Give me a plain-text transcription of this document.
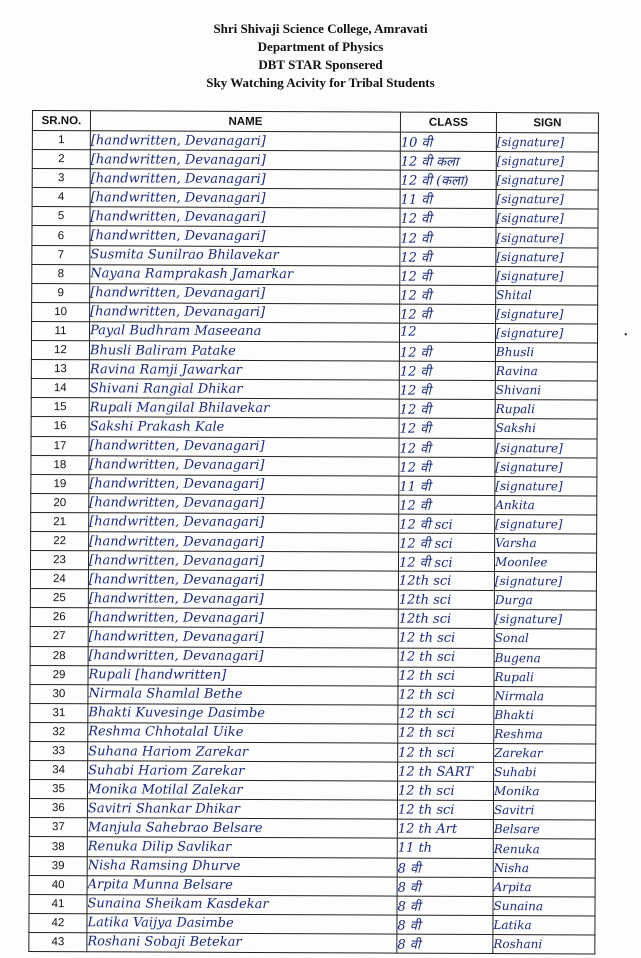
Shri Shivaji Science College, Amravati
Department of Physics
DBT STAR Sponsered
Sky Watching Acivity for Tribal Students
SR.NO.	NAME	CLASS	SIGN
1	[handwritten, Devanagari]	10 वी	[signature]
2	[handwritten, Devanagari]	12 वी कला	[signature]
3	[handwritten, Devanagari]	12 वी (कला)	[signature]
4	[handwritten, Devanagari]	11 वी	[signature]
5	[handwritten, Devanagari]	12 वी	[signature]
6	[handwritten, Devanagari]	12 वी	[signature]
7	Susmita Sunilrao Bhilavekar	12 वी	[signature]
8	Nayana Ramprakash Jamarkar	12 वी	[signature]
9	[handwritten, Devanagari]	12 वी	Shital
10	[handwritten, Devanagari]	12 वी	[signature]
11	Payal Budhram Maseeana	12	[signature]
12	Bhusli Baliram Patake	12 वी	Bhusli
13	Ravina Ramji Jawarkar	12 वी	Ravina
14	Shivani Rangial Dhikar	12 वी	Shivani
15	Rupali Mangilal Bhilavekar	12 वी	Rupali
16	Sakshi Prakash Kale	12 वी	Sakshi
17	[handwritten, Devanagari]	12 वी	[signature]
18	[handwritten, Devanagari]	12 वी	[signature]
19	[handwritten, Devanagari]	11 वी	[signature]
20	[handwritten, Devanagari]	12 वी	Ankita
21	[handwritten, Devanagari]	12 वी sci	[signature]
22	[handwritten, Devanagari]	12 वी sci	Varsha
23	[handwritten, Devanagari]	12 वी sci	Moonlee
24	[handwritten, Devanagari]	12th sci	[signature]
25	[handwritten, Devanagari]	12th sci	Durga
26	[handwritten, Devanagari]	12th sci	[signature]
27	[handwritten, Devanagari]	12 th sci	Sonal
28	[handwritten, Devanagari]	12 th sci	Bugena
29	Rupali [handwritten]	12 th sci	Rupali
30	Nirmala Shamlal Bethe	12 th sci	Nirmala
31	Bhakti Kuvesinge Dasimbe	12 th sci	Bhakti
32	Reshma Chhotalal Uike	12 th sci	Reshma
33	Suhana Hariom Zarekar	12 th sci	Zarekar
34	Suhabi Hariom Zarekar	12 th SART	Suhabi
35	Monika Motilal Zalekar	12 th sci	Monika
36	Savitri Shankar Dhikar	12 th sci	Savitri
37	Manjula Sahebrao Belsare	12 th Art	Belsare
38	Renuka Dilip Savlikar	11 th	Renuka
39	Nisha Ramsing Dhurve	8 वी	Nisha
40	Arpita Munna Belsare	8 वी	Arpita
41	Sunaina Sheikam Kasdekar	8 वी	Sunaina
42	Latika Vaijya Dasimbe	8 वी	Latika
43	Roshani Sobaji Betekar	8 वी	Roshani
•
